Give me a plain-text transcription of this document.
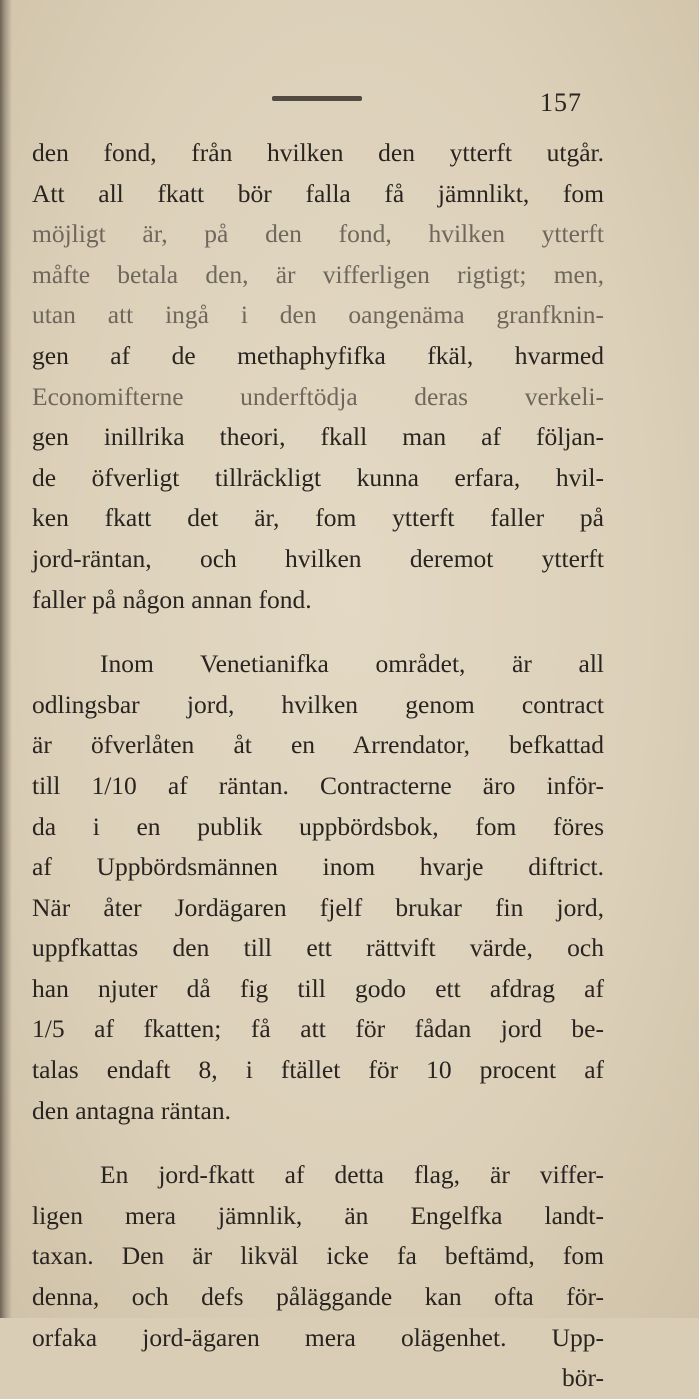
157
den fond, från hvilken den ytterft utgår.
Att all fkatt bör falla få jämnlikt, fom
möjligt är, på den fond, hvilken ytterft
måfte betala den, är vifferligen rigtigt; men,
utan att ingå i den oangenäma granfknin-
gen af de methaphyfifka fkäl, hvarmed
Economifterne underftödja deras verkeli-
gen inillrika theori, fkall man af följan-
de öfverligt tillräckligt kunna erfara, hvil-
ken fkatt det är, fom ytterft faller på
jord-räntan, och hvilken deremot ytterft
faller på någon annan fond.
Inom Venetianifka området, är all
odlingsbar jord, hvilken genom contract
är öfverlåten åt en Arrendator, befkattad
till 1/10 af räntan. Contracterne äro inför-
da i en publik uppbördsbok, fom föres
af Uppbördsmännen inom hvarje diftrict.
När åter Jordägaren fjelf brukar fin jord,
uppfkattas den till ett rättvift värde, och
han njuter då fig till godo ett afdrag af
1/5 af fkatten; få att för fådan jord be-
talas endaft 8, i ftället för 10 procent af
den antagna räntan.
En jord-fkatt af detta flag, är viffer-
ligen mera jämnlik, än Engelfka landt-
taxan. Den är likväl icke fa beftämd, fom
denna, och defs påläggande kan ofta för-
orfaka jord-ägaren mera olägenhet. Upp-
bör-
